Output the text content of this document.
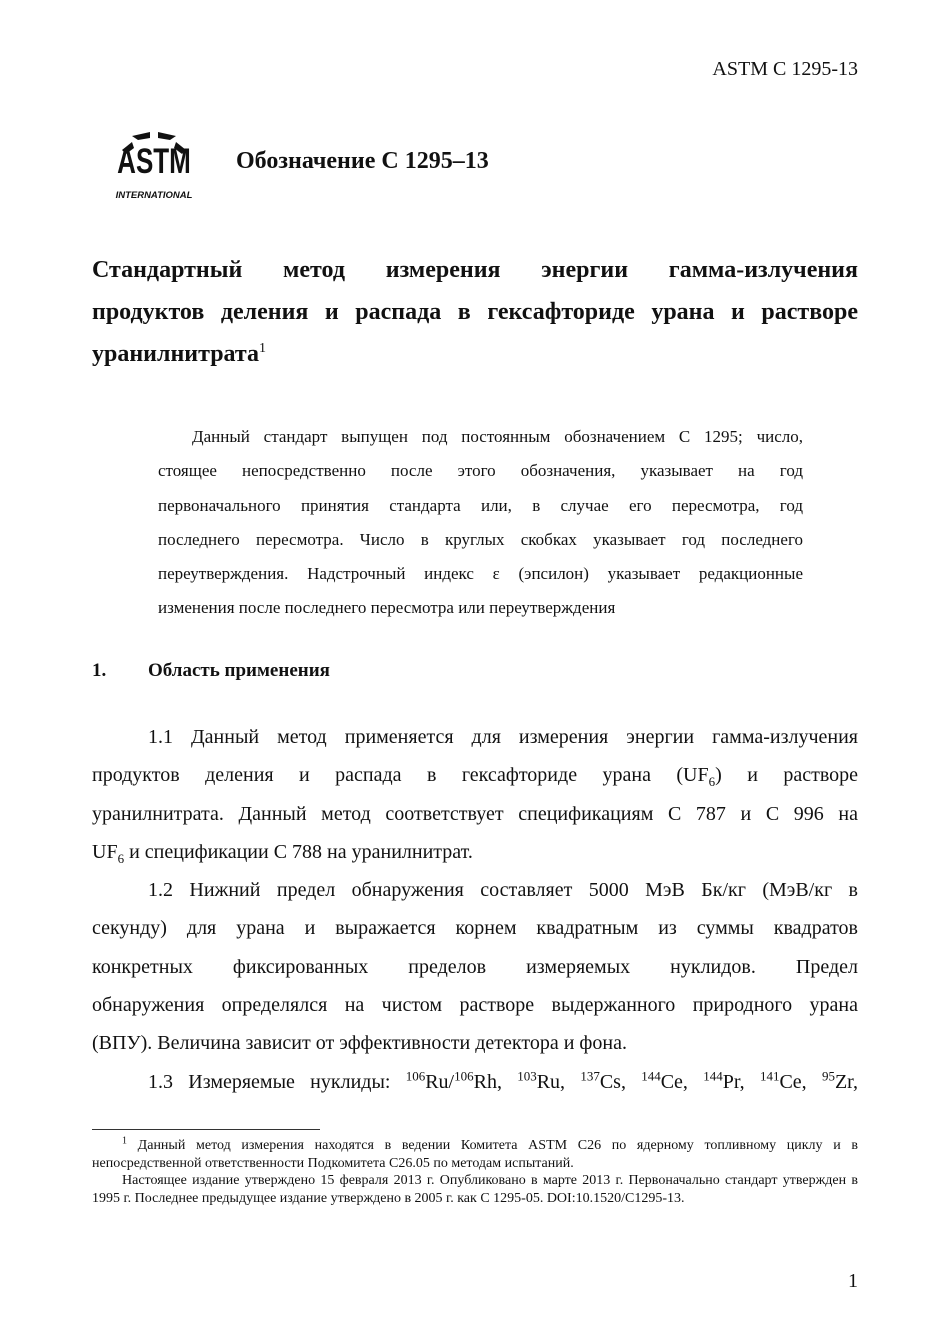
ASTM C 1295-13
ASTM
INTERNATIONAL
Обозначение C 1295–13

Стандартный метод измерения энергии гамма-излучения

продуктов деления и распада в гексафториде урана и растворе

уранилнитрата$^1$

Данный стандарт выпущен под постоянным обозначением C 1295; число,

стоящее непосредственно после этого обозначения, указывает на год

первоначального принятия стандарта или, в случае его пересмотра, год

последнего пересмотра. Число в круглых скобках указывает год последнего

переутверждения. Надстрочный индекс ε (эпсилон) указывает редакционные

изменения после последнего пересмотра или переутверждения

1. Область применения

1.1 Данный метод применяется для измерения энергии гамма-излучения

продуктов деления и распада в гексафториде урана $(UF_6)$ и растворе

уранилнитрата. Данный метод соответствует спецификациям C 787 и C 996 на

$UF_6$ и спецификации C 788 на уранилнитрат.

1.2 Нижний предел обнаружения составляет 5000 МэВ Бк/кг (МэВ/кг в

секунду) для урана и выражается корнем квадратным из суммы квадратов

конкретных фиксированных пределов измеряемых нуклидов. Предел

обнаружения определялся на чистом растворе выдержанного природного урана

(ВПУ). Величина зависит от эффективности детектора и фона.

1.3 Измеряемые нуклиды: $^{106}$Ru/$^{106}$Rh, $^{103}$Ru, $^{137}$Cs, $^{144}$Ce, $^{144}$Pr, $^{141}$Ce, $^{95}$Zr,

$^1$ Данный метод измерения находятся в ведении Комитета ASTM C26 по ядерному топливному циклу и в непосредственной ответственности Подкомитета C26.05 по методам испытаний.

Настоящее издание утверждено 15 февраля 2013 г. Опубликовано в марте 2013 г. Первоначально стандарт утвержден в 1995 г. Последнее предыдущее издание утверждено в 2005 г. как C 1295-05. DOI:10.1520/C1295-13.

1
